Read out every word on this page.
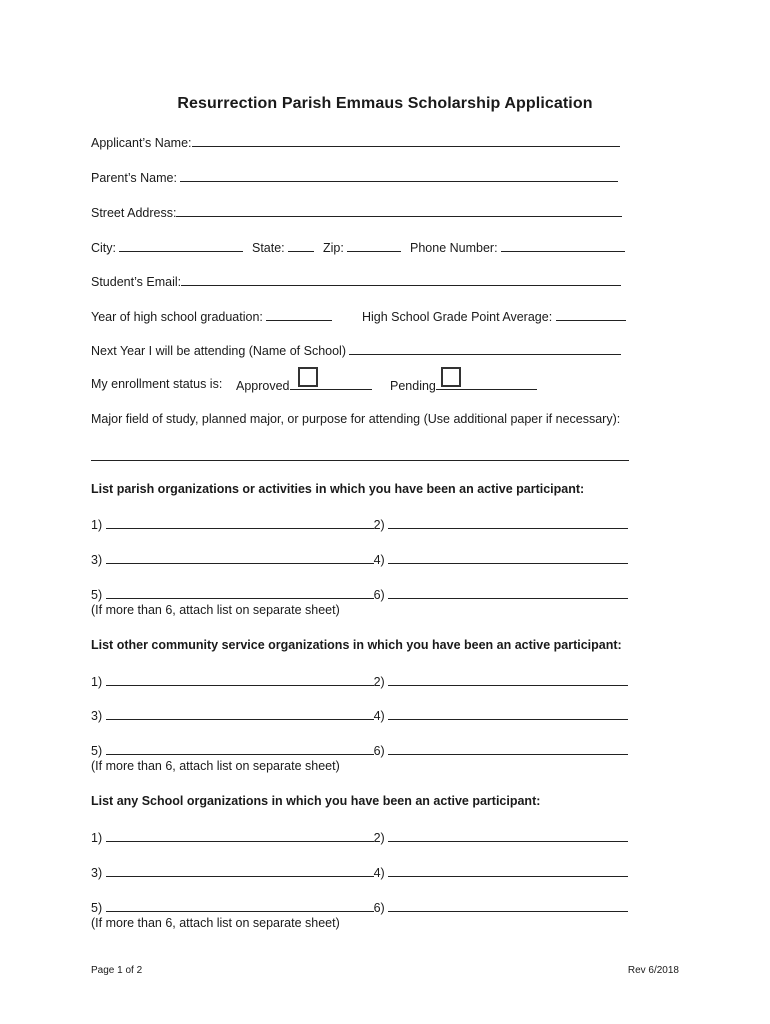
Resurrection Parish Emmaus Scholarship Application
Applicant’s Name:
Parent’s Name:
Street Address:
City:	State:	Zip:	Phone Number:
Student’s Email:
Year of high school graduation:	High School Grade Point Average:
Next Year I will be attending (Name of School)
My enrollment status is: Approved	Pending
Major field of study, planned major, or purpose for attending (Use additional paper if necessary):
List parish organizations or activities in which you have been an active participant:
1)	2)
3)	4)
5)	6)
(If more than 6, attach list on separate sheet)
List other community service organizations in which you have been an active participant:
1)	2)
3)	4)
5)	6)
(If more than 6, attach list on separate sheet)
List any School organizations in which you have been an active participant:
1)	2)
3)	4)
5)	6)
(If more than 6, attach list on separate sheet)
Page 1 of 2	Rev 6/2018
